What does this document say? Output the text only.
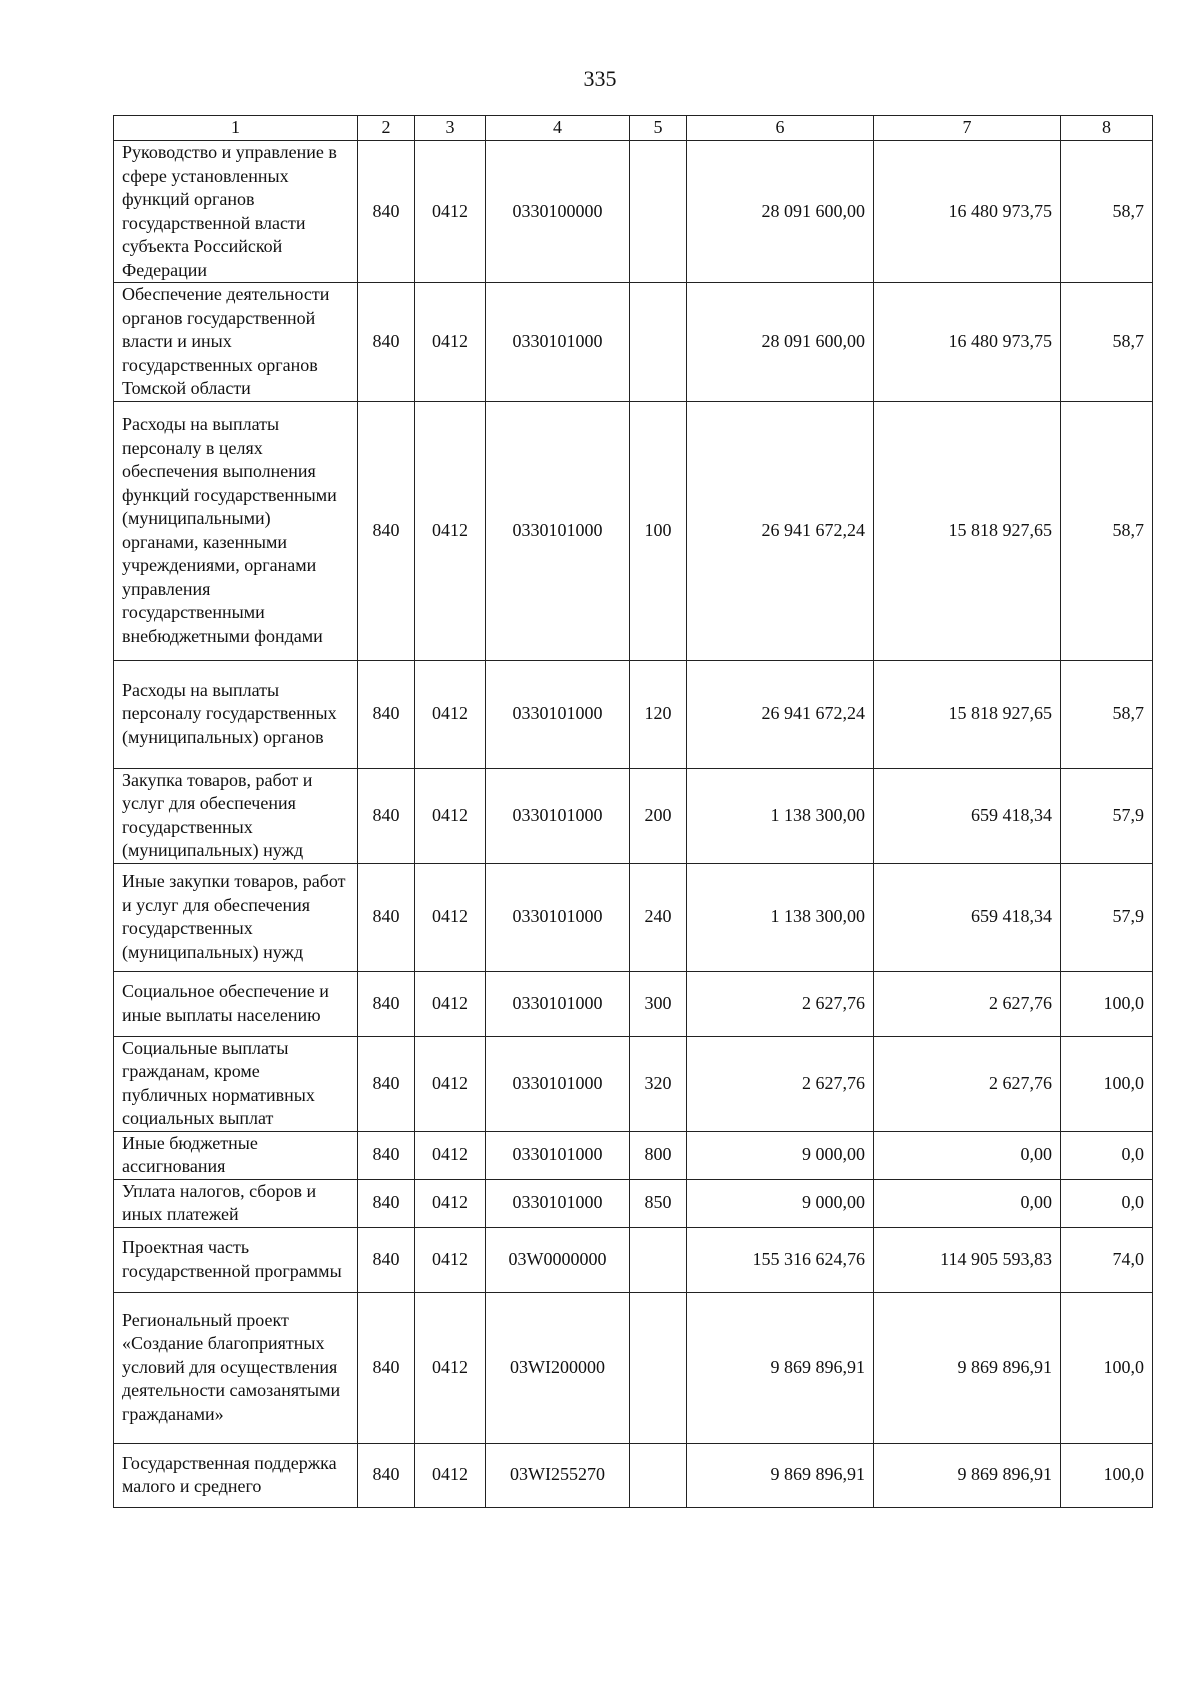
335
1	2	3	4	5	6	7	8
Руководство и управление в сфере установленных функций органов государственной власти субъекта Российской Федерации	840	0412	0330100000		28 091 600,00	16 480 973,75	58,7
Обеспечение деятельности органов государственной власти и иных государственных органов Томской области	840	0412	0330101000		28 091 600,00	16 480 973,75	58,7
Расходы на выплаты персоналу в целях обеспечения выполнения функций государственными (муниципальными) органами, казенными учреждениями, органами управления государственными внебюджетными фондами	840	0412	0330101000	100	26 941 672,24	15 818 927,65	58,7
Расходы на выплаты персоналу государственных (муниципальных) органов	840	0412	0330101000	120	26 941 672,24	15 818 927,65	58,7
Закупка товаров, работ и услуг для обеспечения государственных (муниципальных) нужд	840	0412	0330101000	200	1 138 300,00	659 418,34	57,9
Иные закупки товаров, работ и услуг для обеспечения государственных (муниципальных) нужд	840	0412	0330101000	240	1 138 300,00	659 418,34	57,9
Социальное обеспечение и иные выплаты населению	840	0412	0330101000	300	2 627,76	2 627,76	100,0
Социальные выплаты гражданам, кроме публичных нормативных социальных выплат	840	0412	0330101000	320	2 627,76	2 627,76	100,0
Иные бюджетные ассигнования	840	0412	0330101000	800	9 000,00	0,00	0,0
Уплата налогов, сборов и иных платежей	840	0412	0330101000	850	9 000,00	0,00	0,0
Проектная часть государственной программы	840	0412	03W0000000		155 316 624,76	114 905 593,83	74,0
Региональный проект «Создание благоприятных условий для осуществления деятельности самозанятыми гражданами»	840	0412	03WI200000		9 869 896,91	9 869 896,91	100,0
Государственная поддержка малого и среднего	840	0412	03WI255270		9 869 896,91	9 869 896,91	100,0
